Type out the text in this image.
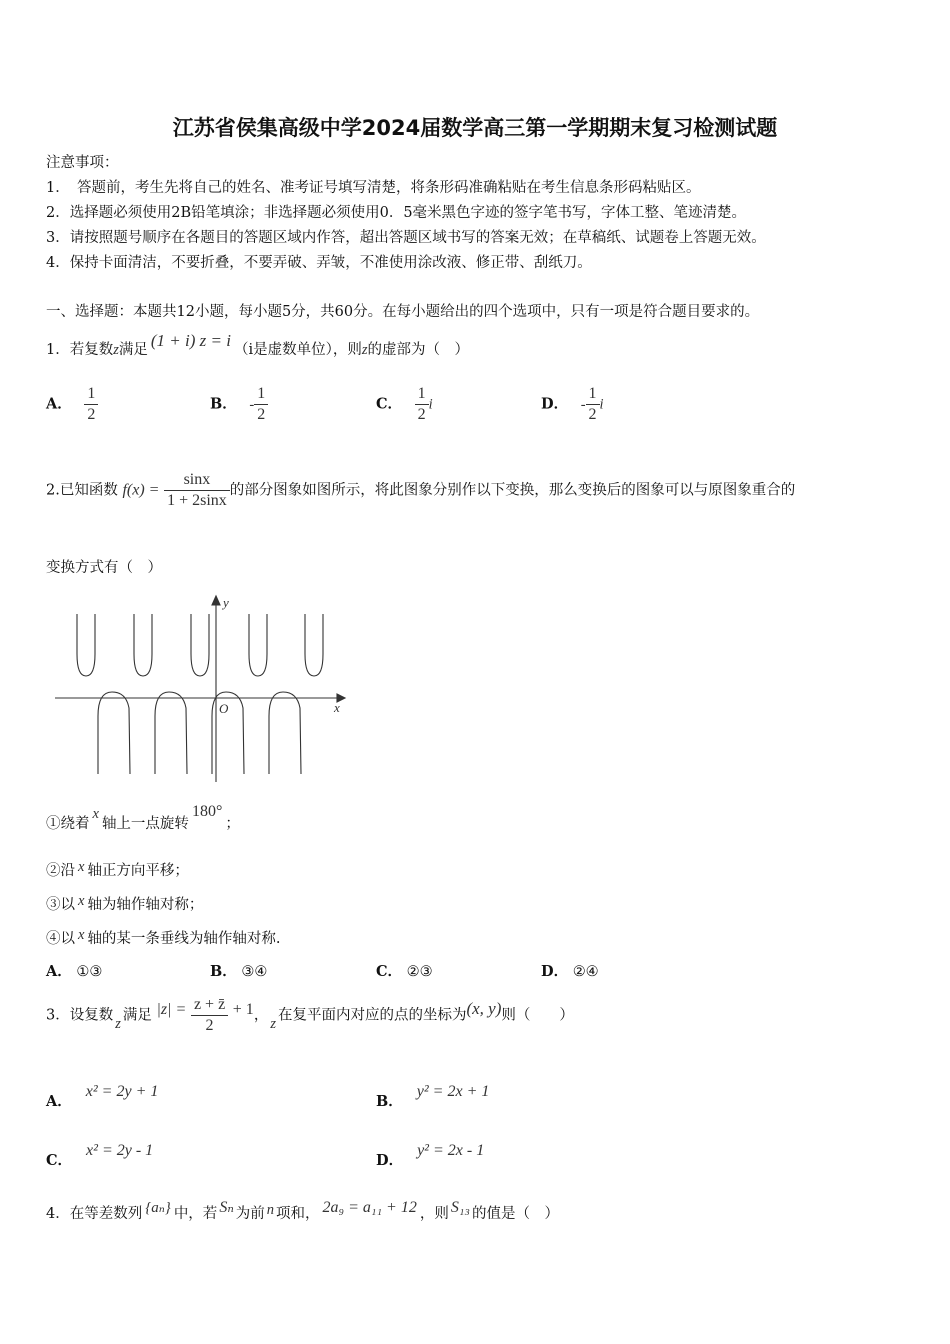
江苏省侯集高级中学2024届数学高三第一学期期末复习检测试题
注意事项：
1．　答题前，考生先将自己的姓名、准考证号填写清楚，将条形码准确粘贴在考生信息条形码粘贴区。
2．选择题必须使用2B铅笔填涂；非选择题必须使用0．5毫米黑色字迹的签字笔书写，字体工整、笔迹清楚。
3．请按照题号顺序在各题目的答题区域内作答，超出答题区域书写的答案无效；在草稿纸、试题卷上答题无效。
4．保持卡面清洁，不要折叠，不要弄破、弄皱，不准使用涂改液、修正带、刮纸刀。
一、选择题：本题共12小题，每小题5分，共60分。在每小题给出的四个选项中，只有一项是符合题目要求的。
1．若复数z满足 (1 + i) z = i （i是虚数单位），则z的虚部为（　）
A． $\frac{1}{2}$	B． - $\frac{1}{2}$	C． $\frac{1}{2}$ i	D． - $\frac{1}{2}$ i
2.已知函数 $f(x) = \frac{\sin x}{1 + 2\sin x}$ 的部分图象如图所示，将此图象分别作以下变换，那么变换后的图象可以与原图象重合的
变换方式有（　）
y
x
O
①绕着x轴上一点旋转180°；
②沿 x 轴正方向平移；
③以 x 轴为轴作轴对称；
④以 x 轴的某一条垂线为轴作轴对称.
A． ①③	B． ③④	C． ②③	D． ②④
3．设复数 z 满足 $|z| = \frac{z + z̄}{2} + 1$， z 在复平面内对应的点的坐标为(x, y)则（　　）
A．x² = 2y + 1
B．y² = 2x + 1
C．x² = 2y - 1
D．y² = 2x - 1
4．在等差数列 {aₙ} 中，若 Sₙ 为前 n 项和， 2a₉ = a₁₁ + 12 ，则 S₁₃ 的值是（　）
